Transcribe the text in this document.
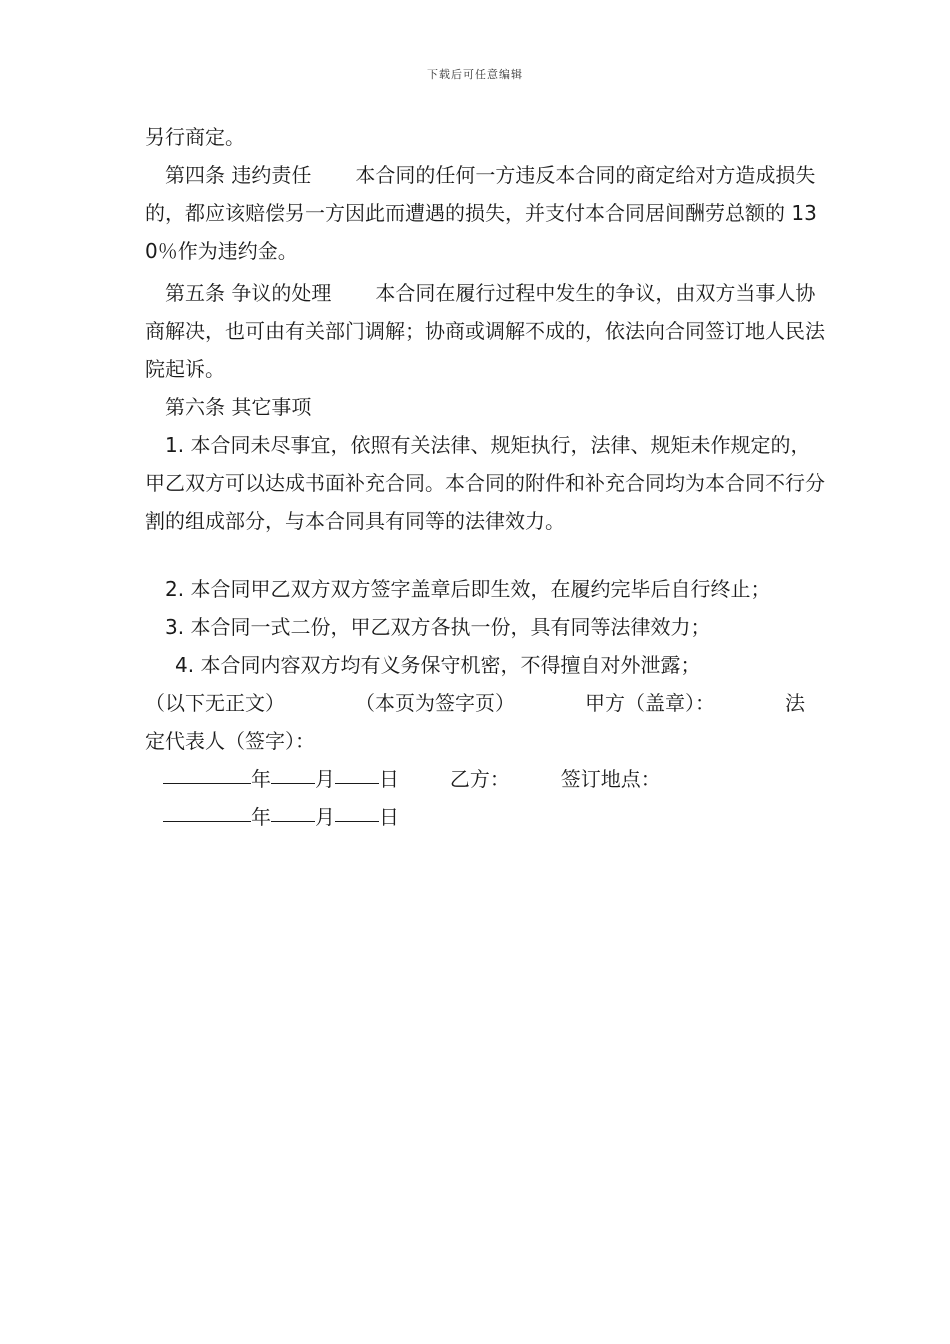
下载后可任意编辑

另行商定。

第四条 违约责任 本合同的任何一方违反本合同的商定给对方造成损失的，都应该赔偿另一方因此而遭遇的损失，并支付本合同居间酬劳总额的 130％作为违约金。

第五条 争议的处理 本合同在履行过程中发生的争议，由双方当事人协商解决，也可由有关部门调解；协商或调解不成的，依法向合同签订地人民法院起诉。

第六条 其它事项

1. 本合同未尽事宜，依照有关法律、规矩执行，法律、规矩未作规定的，甲乙双方可以达成书面补充合同。本合同的附件和补充合同均为本合同不行分割的组成部分，与本合同具有同等的法律效力。

2. 本合同甲乙双方双方签字盖章后即生效，在履约完毕后自行终止；

3. 本合同一式二份，甲乙双方各执一份，具有同等法律效力；

4. 本合同内容双方均有义务保守机密，不得擅自对外泄露；

（以下无正文）	（本页为签字页）	甲方（盖章）：	法

定代表人（签字）：

年 月 日	乙方：	签订地点：

年 月 日
